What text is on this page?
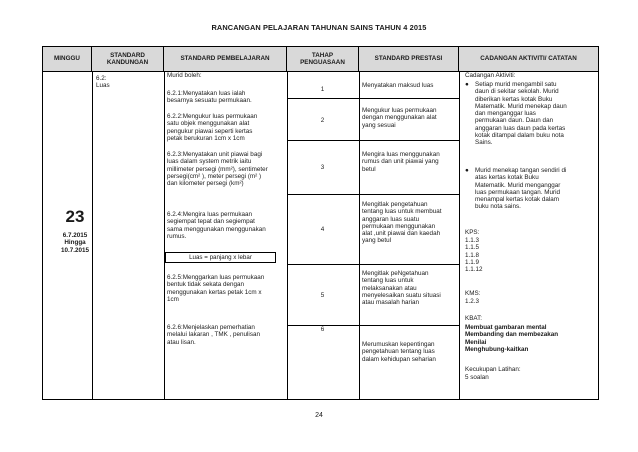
RANCANGAN PELAJARAN TAHUNAN SAINS TAHUN 4 2015
MINGGU
STANDARD
KANDUNGAN
STANDARD PEMBELAJARAN
TAHAP
PENGUASAAN
STANDARD PRESTASI	CADANGAN AKTIVITI/ CATATAN
23
6.7.2015
Hingga
10.7.2015
6.2:
Luas
Murid boleh:
6.2.1:Menyatakan luas ialah
besarnya sesuatu permukaan.
6.2.2:Mengukur luas permukaan
satu objek menggunakan alat
pengukur piawai seperti kertas
petak berukuran 1cm x 1cm
6.2.3:Menyatakan unit piawai bagi
luas dalam system metrik iaitu
millimeter persegi (mm²), sentimeter
persegi(cm² ), meter persegi (m² )
dan kilometer persegi (km²)
6.2.4:Mengira luas permukaan
segiempat tepat dan segiempat
sama menggunakan menggunakan
rumus.
Luas = panjang x lebar
6.2.5:Menggarkan luas permukaan
bentuk tidak sekata dengan
menggunakan kertas petak 1cm x
1cm
6.2.6:Menjelaskan pemerhatian
melalui lakaran , TMK , penulisan
atau lisan.
1
2
3
4
5
6
Menyatakan maksud luas
Mengukur luas permukaan
dengan menggunakan alat
yang sesuai
Mengira luas menggunakan
rumus dan unit piawai yang
betul
Mengitlak pengetahuan
tentang luas untuk membuat
anggaran luas suatu
permukaan menggunakan
alat ,unit piawai dan kaedah
yang betul
Mengitlak peNgetahuan
tentang luas untuk
melaksanakan atau
menyelesaikan suatu situasi
atau masalah harian
Merumuskan kepentingan
pengetahuan tentang luas
dalam kehidupan seharian
Cadangan Aktiviti:
● Setiap murid mengambil satu
daun di sekitar sekolah. Murid
diberikan kertas kotak Buku
Matematik. Murid menekap daun
dan menganggar luas
permukaan daun. Daun dan
anggaran luas daun pada kertas
kotak ditampal dalam buku nota
Sains.
● Murid menekap tangan sendiri di
atas kertas kotak Buku
Matematik. Murid menganggar
luas permukaan tangan. Murid
menampal kertas kotak dalam
buku nota sains.
KPS:
1.1.3
1.1.5
1.1.8
1.1.9
1.1.12
KMS:
1.2.3
KBAT:
Membuat gambaran mental
Membanding dan membezakan
Menilai
Menghubung-kaitkan
Kecukupan Latihan:
5 soalan
24
